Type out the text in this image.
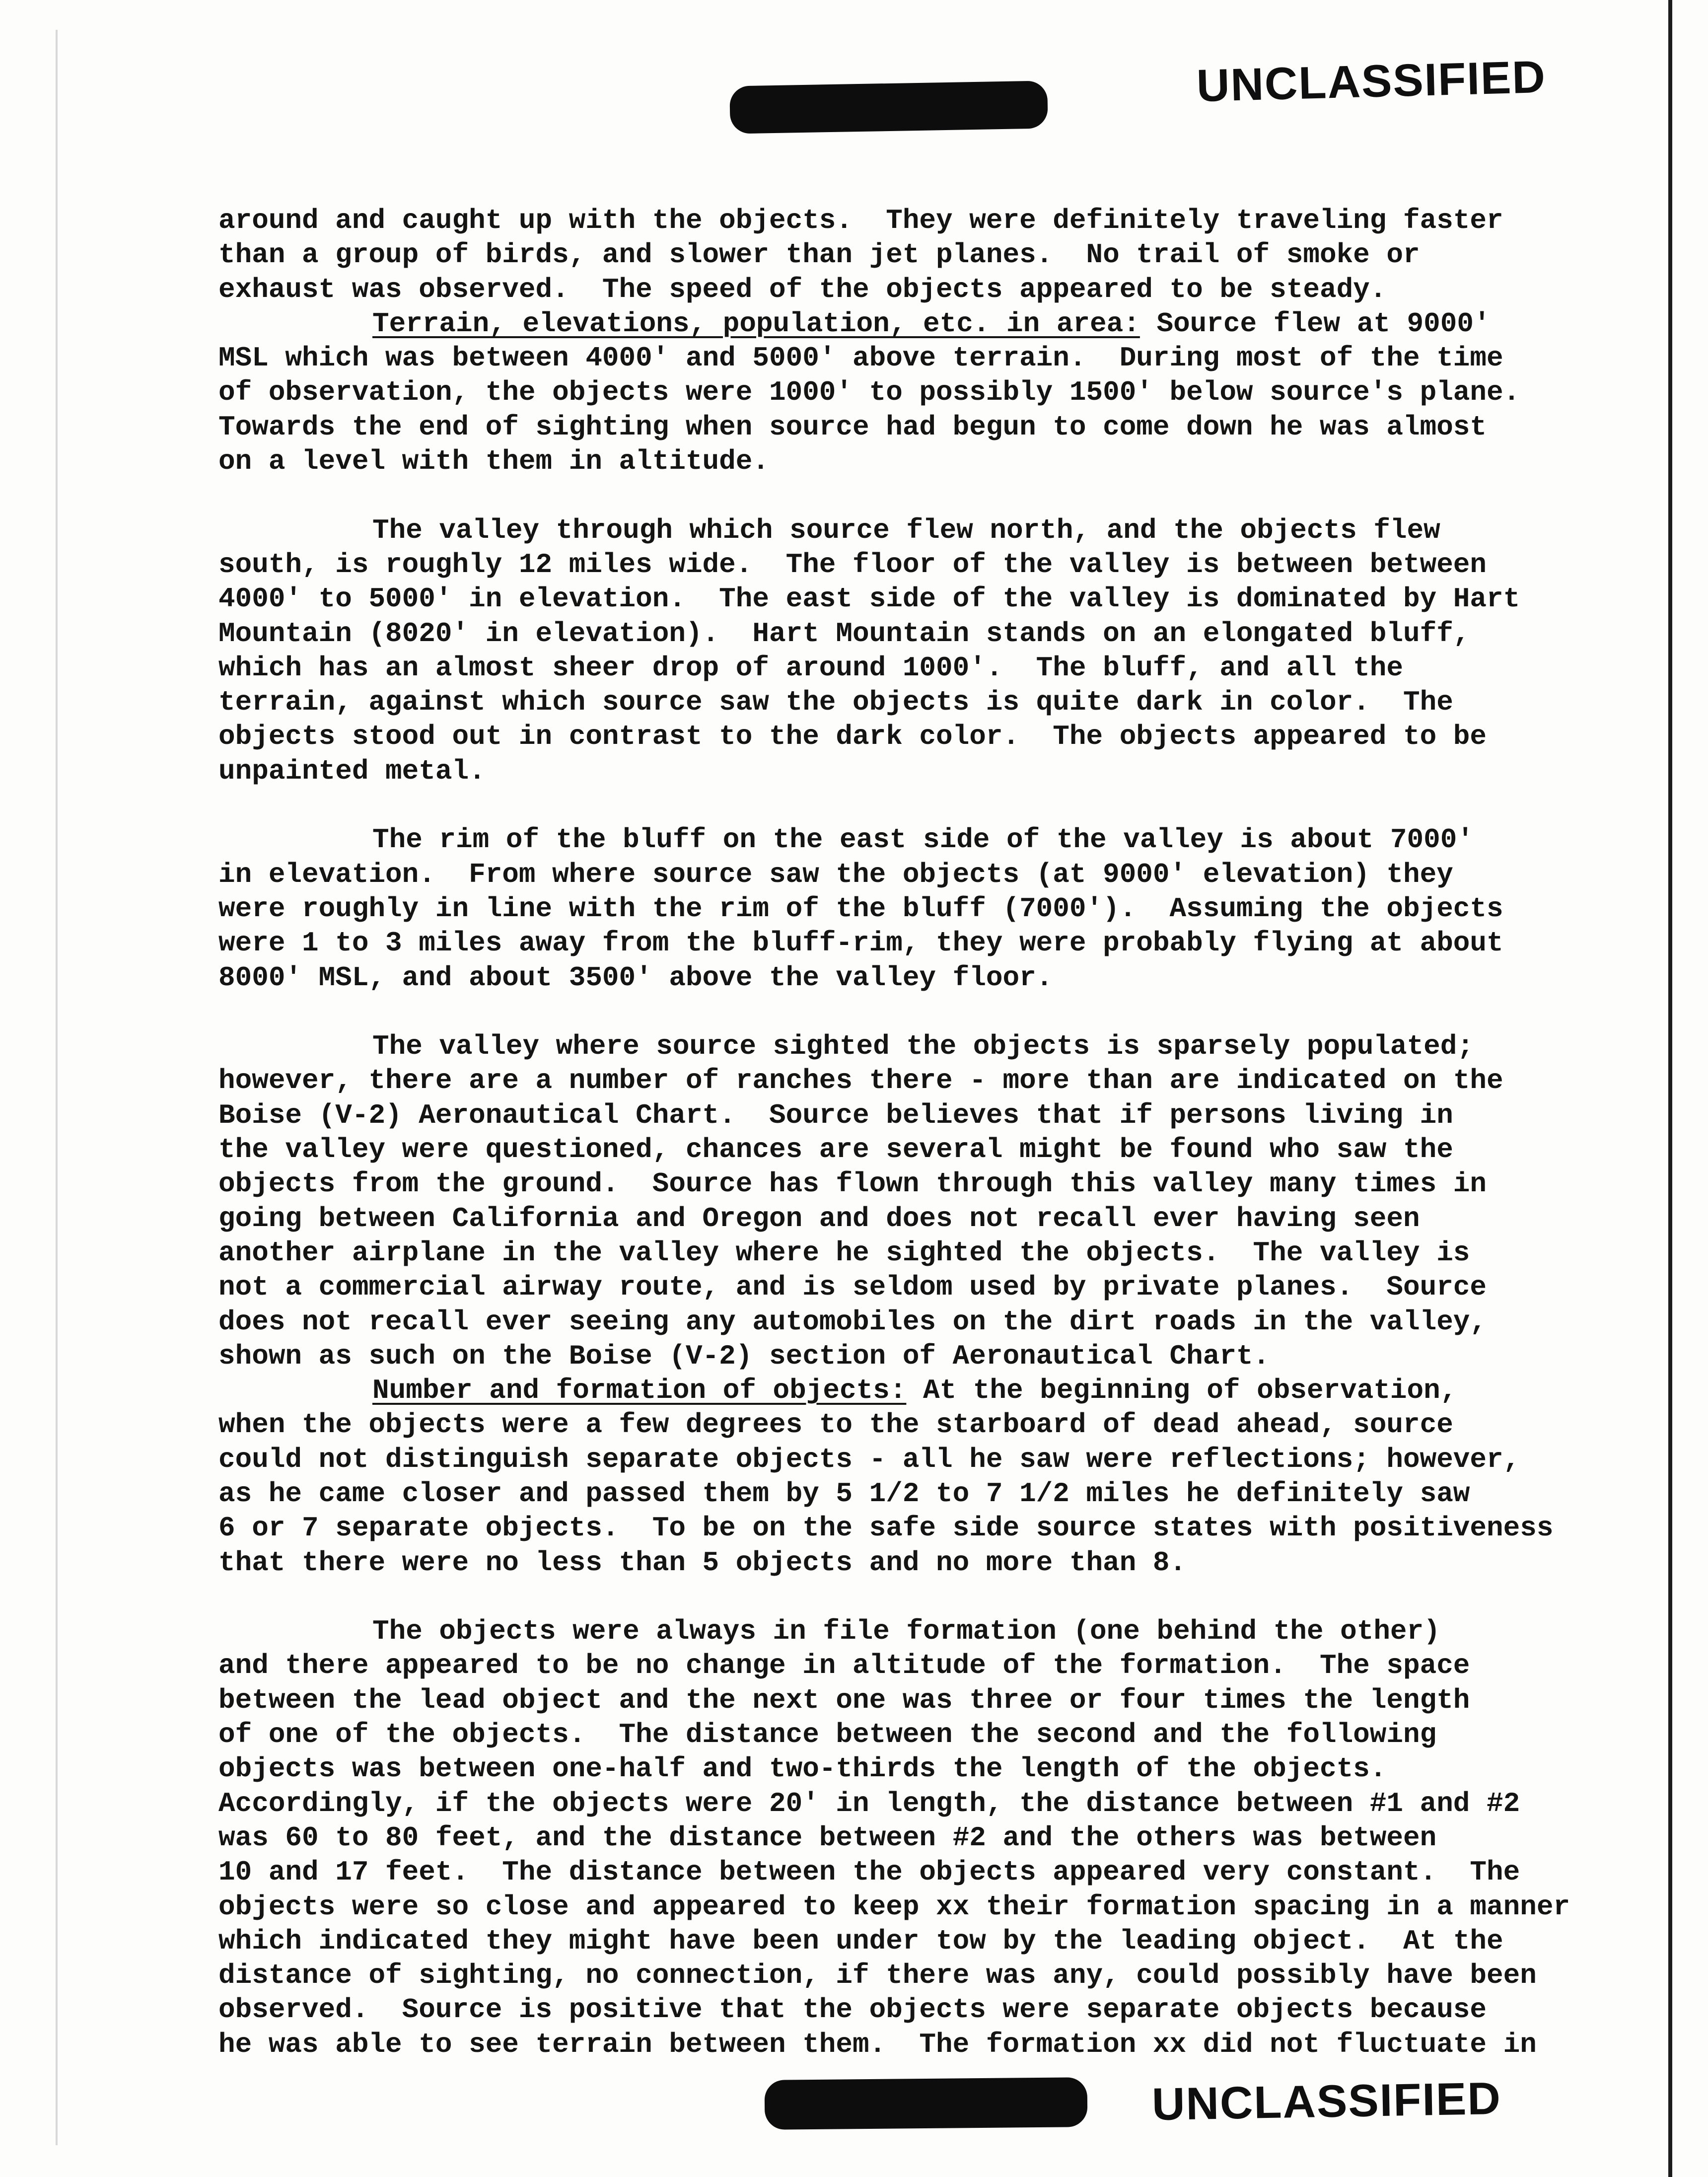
UNCLASSIFIED
around and caught up with the objects.  They were definitely traveling faster
than a group of birds, and slower than jet planes.  No trail of smoke or
exhaust was observed.  The speed of the objects appeared to be steady.
Terrain, elevations, population, etc. in area: Source flew at 9000'
MSL which was between 4000' and 5000' above terrain.  During most of the time
of observation, the objects were 1000' to possibly 1500' below source's plane.
Towards the end of sighting when source had begun to come down he was almost
on a level with them in altitude.
The valley through which source flew north, and the objects flew
south, is roughly 12 miles wide.  The floor of the valley is between between
4000' to 5000' in elevation.  The east side of the valley is dominated by Hart
Mountain (8020' in elevation).  Hart Mountain stands on an elongated bluff,
which has an almost sheer drop of around 1000'.  The bluff, and all the
terrain, against which source saw the objects is quite dark in color.  The
objects stood out in contrast to the dark color.  The objects appeared to be
unpainted metal.
The rim of the bluff on the east side of the valley is about 7000'
in elevation.  From where source saw the objects (at 9000' elevation) they
were roughly in line with the rim of the bluff (7000').  Assuming the objects
were 1 to 3 miles away from the bluff-rim, they were probably flying at about
8000' MSL, and about 3500' above the valley floor.
The valley where source sighted the objects is sparsely populated;
however, there are a number of ranches there - more than are indicated on the
Boise (V-2) Aeronautical Chart.  Source believes that if persons living in
the valley were questioned, chances are several might be found who saw the
objects from the ground.  Source has flown through this valley many times in
going between California and Oregon and does not recall ever having seen
another airplane in the valley where he sighted the objects.  The valley is
not a commercial airway route, and is seldom used by private planes.  Source
does not recall ever seeing any automobiles on the dirt roads in the valley,
shown as such on the Boise (V-2) section of Aeronautical Chart.
Number and formation of objects: At the beginning of observation,
when the objects were a few degrees to the starboard of dead ahead, source
could not distinguish separate objects - all he saw were reflections; however,
as he came closer and passed them by 5 1/2 to 7 1/2 miles he definitely saw
6 or 7 separate objects.  To be on the safe side source states with positiveness
that there were no less than 5 objects and no more than 8.
The objects were always in file formation (one behind the other)
and there appeared to be no change in altitude of the formation.  The space
between the lead object and the next one was three or four times the length
of one of the objects.  The distance between the second and the following
objects was between one-half and two-thirds the length of the objects.
Accordingly, if the objects were 20' in length, the distance between #1 and #2
was 60 to 80 feet, and the distance between #2 and the others was between
10 and 17 feet.  The distance between the objects appeared very constant.  The
objects were so close and appeared to keep xx their formation spacing in a manner
which indicated they might have been under tow by the leading object.  At the
distance of sighting, no connection, if there was any, could possibly have been
observed.  Source is positive that the objects were separate objects because
he was able to see terrain between them.  The formation xx did not fluctuate in
UNCLASSIFIED
